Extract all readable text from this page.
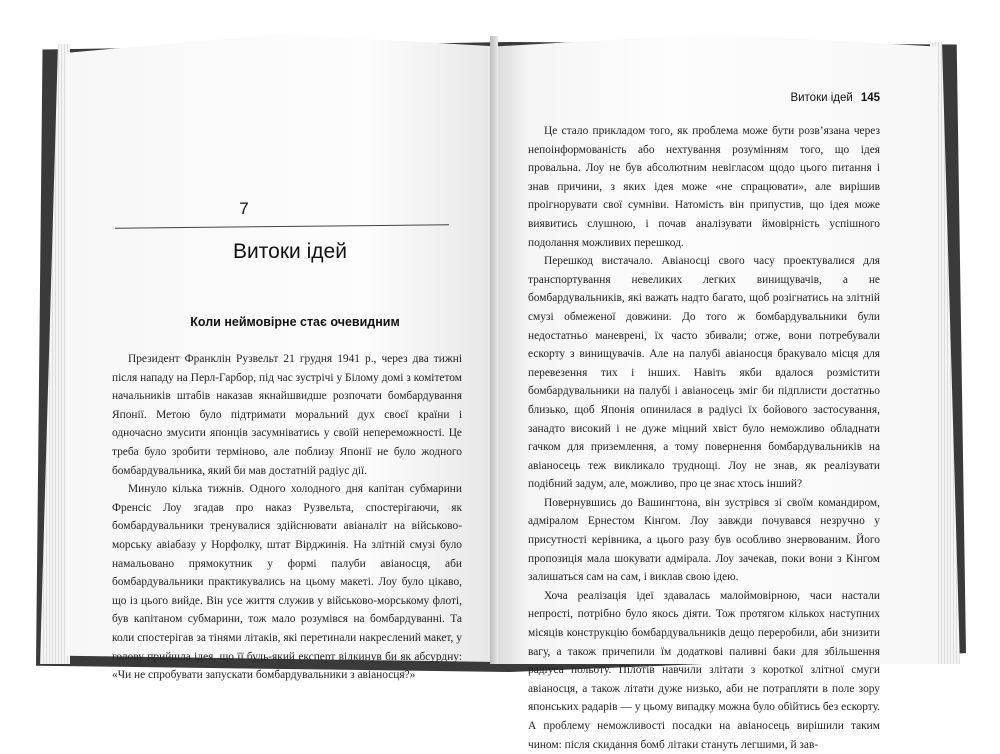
7
Витоки ідей
Коли неймовірне стає очевидним

Президент Франклін Рузвельт 21 грудня 1941 р., через два тижні після нападу на Перл-Гарбор, під час зустрічі у Білому домі з комітетом начальників штабів наказав якнайшвидше розпочати бомбардування Японії. Метою було підтримати моральний дух своєї країни і одночасно змусити японців засумніватись у своїй непереможності. Це треба було зробити терміново, але поблизу Японії не було жодного бомбардувальника, який би мав достатній радіус дії.

Минуло кілька тижнів. Одного холодного дня капітан субмарини Френсіс Лоу згадав про наказ Рузвельта, спостерігаючи, як бомбардувальники тренувалися здійснювати авіаналіт на військово-морську авіабазу у Норфолку, штат Вірджинія. На злітній смузі було намальовано прямокутник у формі палуби авіаносця, аби бомбардувальники практикувались на цьому макеті. Лоу було цікаво, що із цього вийде. Він усе життя служив у військово-морському флоті, був капітаном субмарини, тож мало розумівся на бомбардуванні. Та коли спостерігав за тінями літаків, які перетинали накреслений макет, у голову прийшла ідея, що її будь-який експерт відкинув би як абсурдну: «Чи не спробувати запускати бомбардувальники з авіаносця?»

Витоки ідей 145

Це стало прикладом того, як проблема може бути розв’язана через непоінформованість або нехтування розумінням того, що ідея провальна. Лоу не був абсолютним невігласом щодо цього питання і знав причини, з яких ідея може «не спрацювати», але вирішив проігнорувати свої сумніви. Натомість він припустив, що ідея може виявитись слушною, і почав аналізувати ймовірність успішного подолання можливих перешкод.

Перешкод вистачало. Авіаносці свого часу проектувалися для транспортування невеликих легких винищувачів, а не бомбардувальників, які важать надто багато, щоб розігнатись на злітній смузі обмеженої довжини. До того ж бомбардувальники були недостатньо маневрені, їх часто збивали; отже, вони потребували ескорту з винищувачів. Але на палубі авіаносця бракувало місця для перевезення тих і інших. Навіть якби вдалося розмістити бомбардувальники на палубі і авіаносець зміг би підплисти достатньо близько, щоб Японія опинилася в радіусі їх бойового застосування, занадто високий і не дуже міцний хвіст було неможливо обладнати гачком для приземлення, а тому повернення бомбардувальників на авіаносець теж викликало труднощі. Лоу не знав, як реалізувати подібний задум, але, можливо, про це знає хтось інший?

Повернувшись до Вашингтона, він зустрівся зі своїм командиром, адміралом Ернестом Кінгом. Лоу завжди почувався незручно у присутності керівника, а цього разу був особливо знервованим. Його пропозиція мала шокувати адмірала. Лоу зачекав, поки вони з Кінгом залишаться сам на сам, і виклав свою ідею.

Хоча реалізація ідеї здавалась малоймовірною, часи настали непрості, потрібно було якось діяти. Тож протягом кількох наступних місяців конструкцію бомбардувальників дещо переробили, аби знизити вагу, а також причепили їм додаткові паливні баки для збільшення радіуса польоту. Пілотів навчили злітати з короткої злітної смуги авіаносця, а також літати дуже низько, аби не потрапляти в поле зору японських радарів — у цьому випадку можна було обійтись без ескорту. А проблему неможливості посадки на авіаносець вирішили таким чином: після скидання бомб літаки стануть легшими, й зав-
